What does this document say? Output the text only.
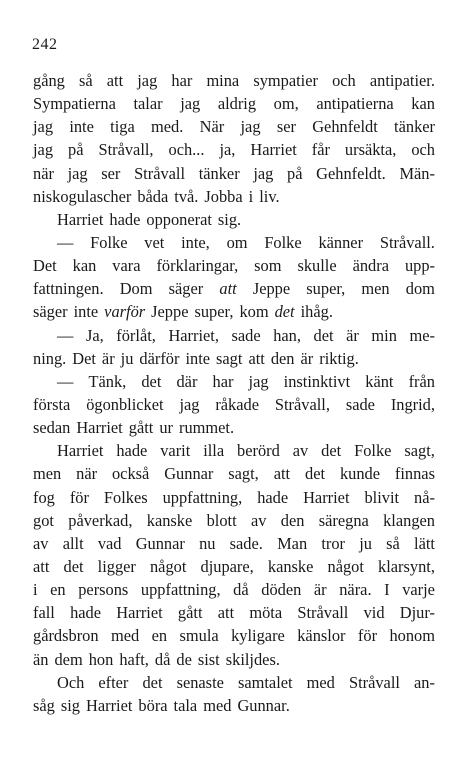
242
gång så att jag har mina sympatier och antipatier.
Sympatierna talar jag aldrig om, antipatierna kan
jag inte tiga med. När jag ser Gehnfeldt tänker
jag på Stråvall, och... ja, Harriet får ursäkta, och
när jag ser Stråvall tänker jag på Gehnfeldt. Män-
niskogulascher båda två. Jobba i liv.
Harriet hade opponerat sig.
— Folke vet inte, om Folke känner Stråvall.
Det kan vara förklaringar, som skulle ändra upp-
fattningen. Dom säger att Jeppe super, men dom
säger inte varför Jeppe super, kom det ihåg.
— Ja, förlåt, Harriet, sade han, det är min me-
ning. Det är ju därför inte sagt att den är riktig.
— Tänk, det där har jag instinktivt känt från
första ögonblicket jag råkade Stråvall, sade Ingrid,
sedan Harriet gått ur rummet.
Harriet hade varit illa berörd av det Folke sagt,
men när också Gunnar sagt, att det kunde finnas
fog för Folkes uppfattning, hade Harriet blivit nå-
got påverkad, kanske blott av den säregna klangen
av allt vad Gunnar nu sade. Man tror ju så lätt
att det ligger något djupare, kanske något klarsynt,
i en persons uppfattning, då döden är nära. I varje
fall hade Harriet gått att möta Stråvall vid Djur-
gårdsbron med en smula kyligare känslor för honom
än dem hon haft, då de sist skiljdes.
Och efter det senaste samtalet med Stråvall an-
såg sig Harriet böra tala med Gunnar.
